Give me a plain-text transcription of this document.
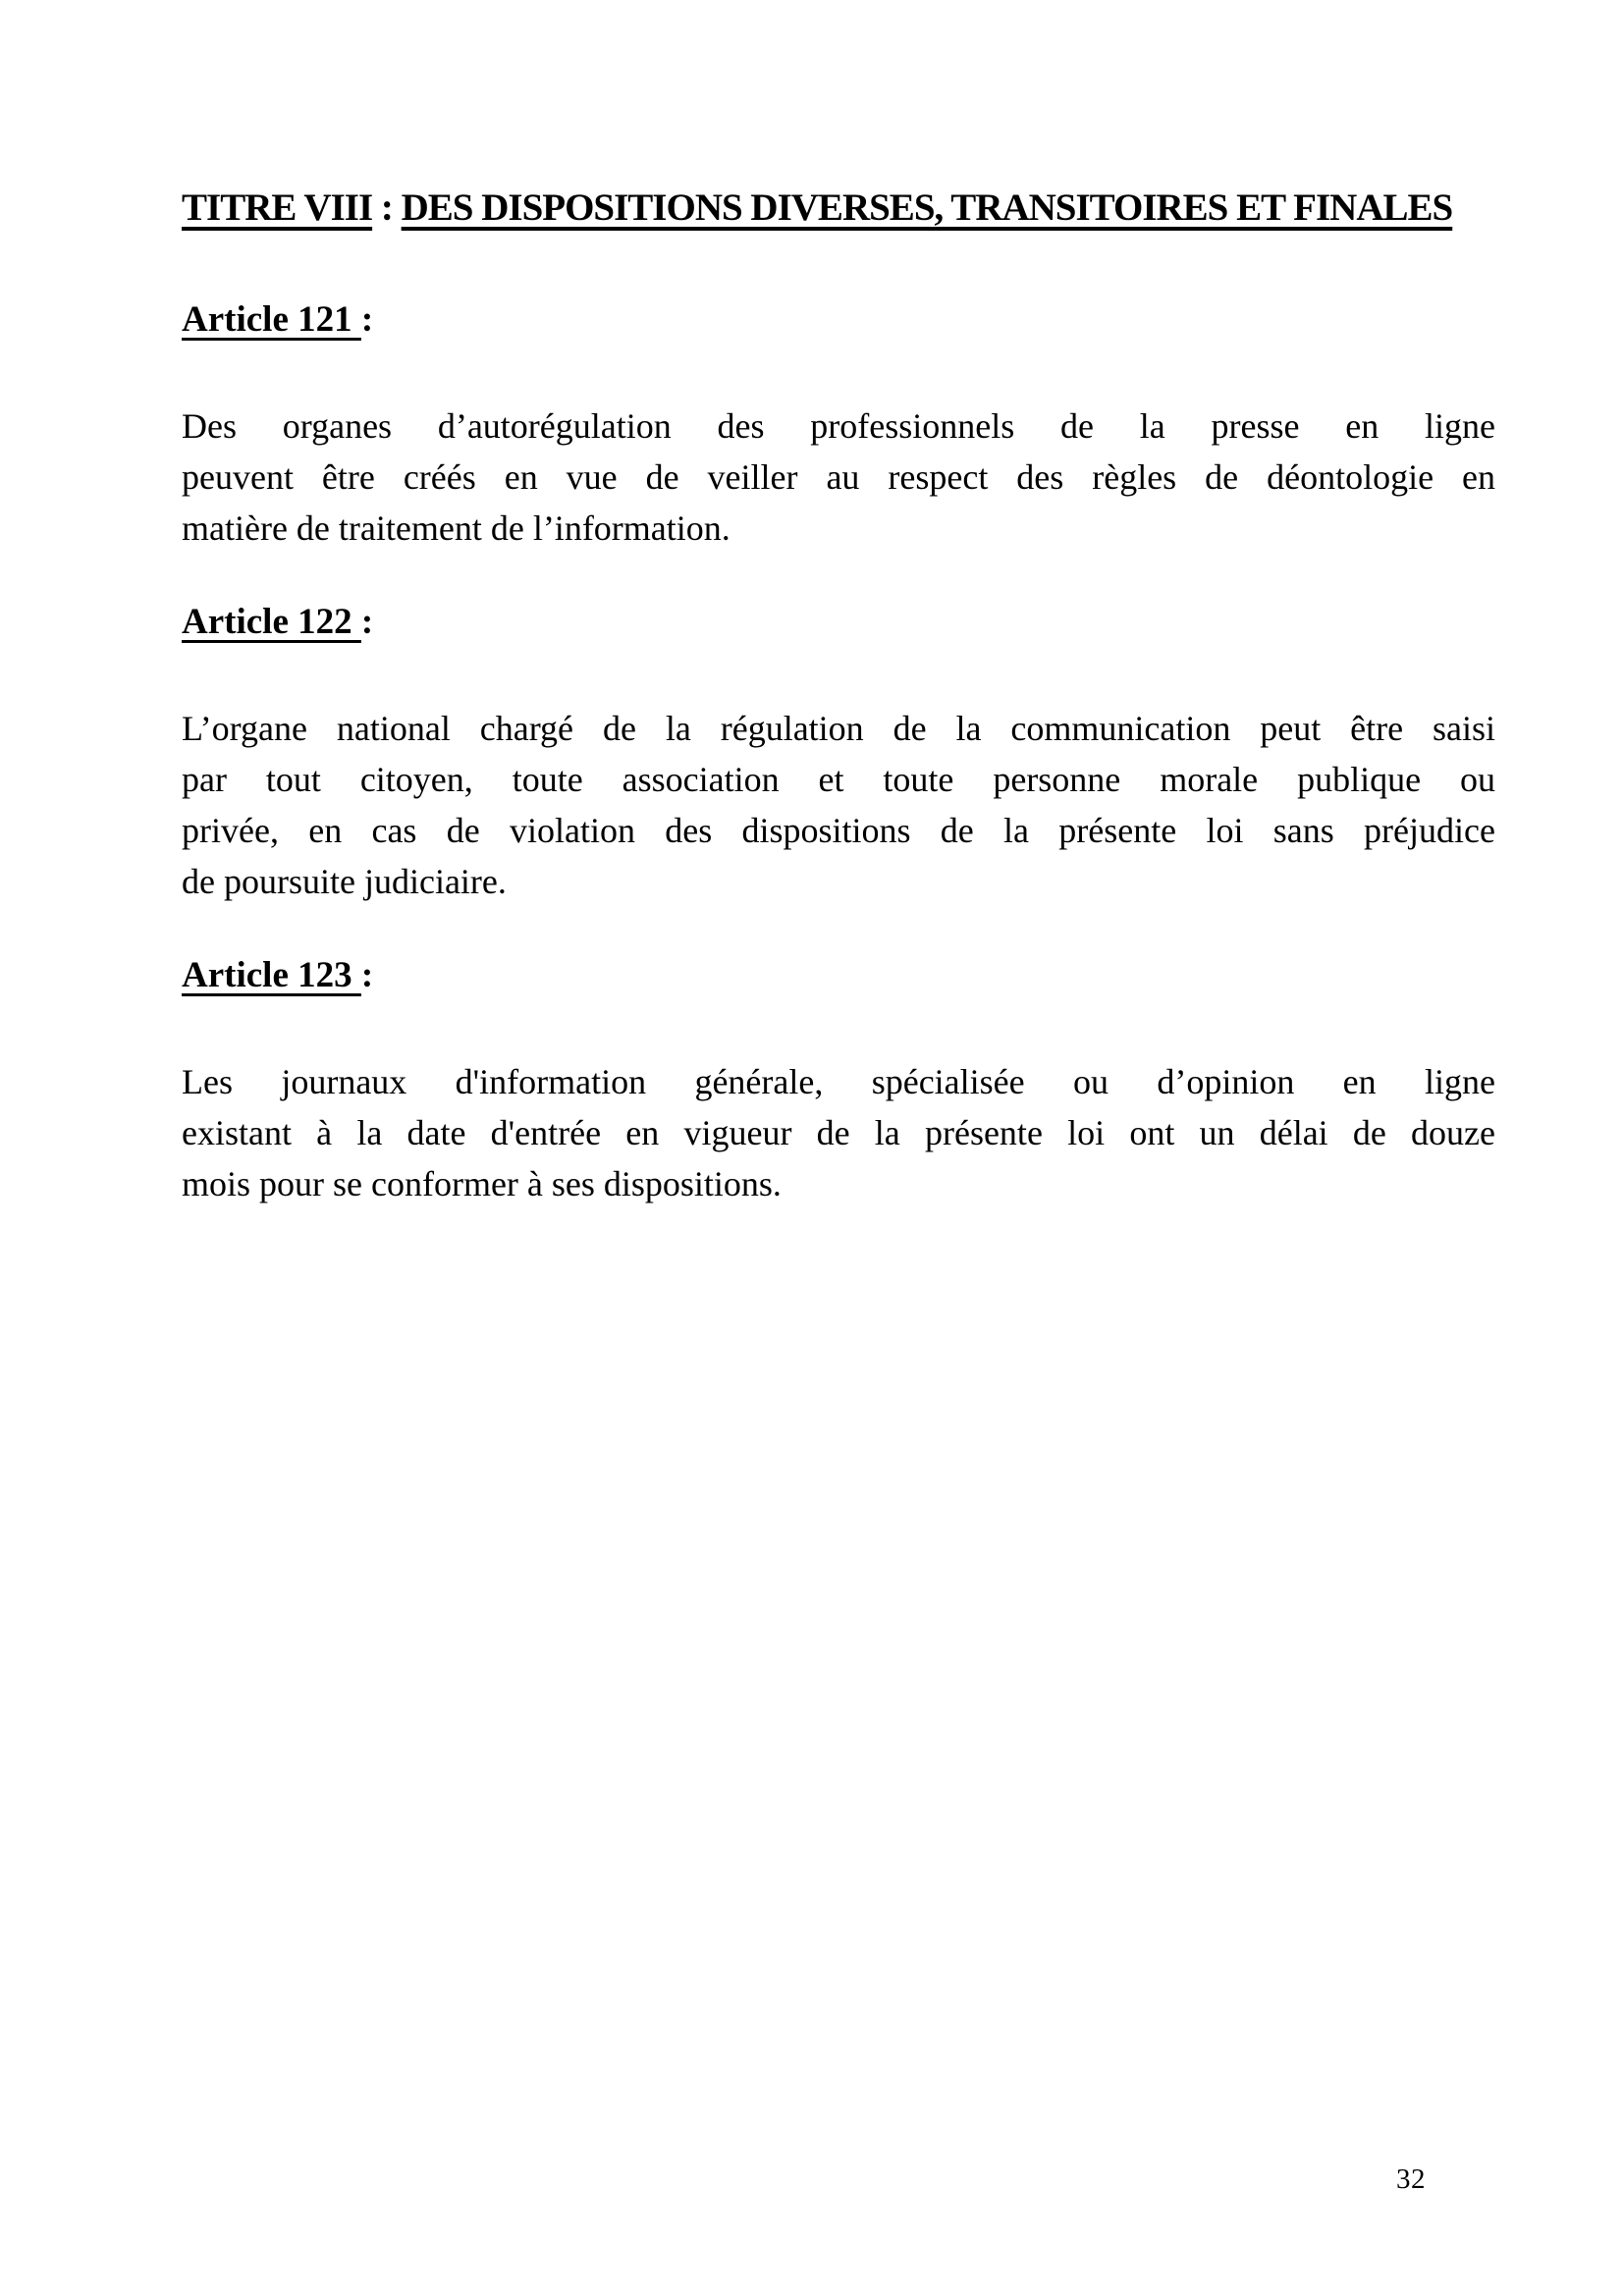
TITRE VIII : DES DISPOSITIONS DIVERSES, TRANSITOIRES ET FINALES
Article 121 :
Des organes d’autorégulation des professionnels de la presse en ligne
peuvent être créés en vue de veiller au respect des règles de déontologie en
matière de traitement de l’information.
Article 122 :
L’organe national chargé de la régulation de la communication peut être saisi
par tout citoyen, toute association et toute personne morale publique ou
privée, en cas de violation des dispositions de la présente loi sans préjudice
de poursuite judiciaire.
Article 123 :
Les journaux d'information générale, spécialisée ou d’opinion en ligne
existant à la date d'entrée en vigueur de la présente loi ont un délai de douze
mois pour se conformer à ses dispositions.
32
